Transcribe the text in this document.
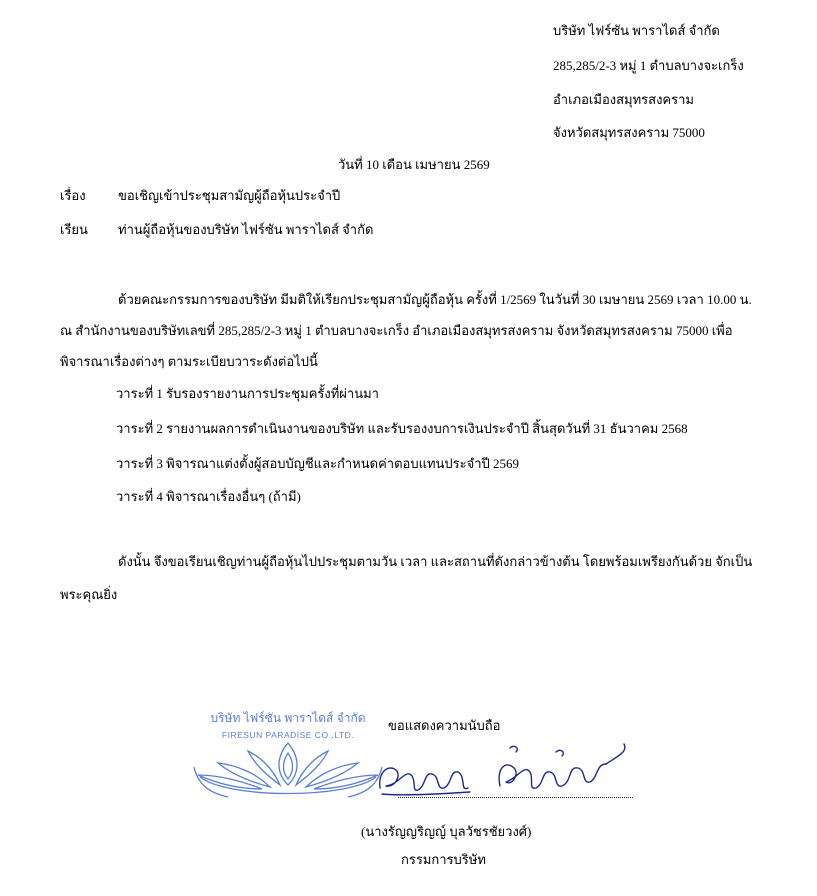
บริษัท ไฟร์ซัน พาราไดส์ จำกัด
285,285/2-3 หมู่ 1 ตำบลบางจะเกร็ง
อำเภอเมืองสมุทรสงคราม
จังหวัดสมุทรสงคราม 75000
วันที่ 10 เดือน เมษายน 2569
เรื่อง ขอเชิญเข้าประชุมสามัญผู้ถือหุ้นประจำปี
เรียน ท่านผู้ถือหุ้นของบริษัท ไฟร์ซัน พาราไดส์ จำกัด
ด้วยคณะกรรมการของบริษัท มีมติให้เรียกประชุมสามัญผู้ถือหุ้น ครั้งที่ 1/2569 ในวันที่ 30 เมษายน 2569 เวลา 10.00 น.
ณ สำนักงานของบริษัทเลขที่ 285,285/2-3 หมู่ 1 ตำบลบางจะเกร็ง อำเภอเมืองสมุทรสงคราม จังหวัดสมุทรสงคราม 75000 เพื่อ
พิจารณาเรื่องต่างๆ ตามระเบียบวาระดังต่อไปนี้
วาระที่ 1 รับรองรายงานการประชุมครั้งที่ผ่านมา
วาระที่ 2 รายงานผลการดำเนินงานของบริษัท และรับรองงบการเงินประจำปี สิ้นสุดวันที่ 31 ธันวาคม 2568
วาระที่ 3 พิจารณาแต่งตั้งผู้สอบบัญชีและกำหนดค่าตอบแทนประจำปี 2569
วาระที่ 4 พิจารณาเรื่องอื่นๆ (ถ้ามี)
ดังนั้น จึงขอเรียนเชิญท่านผู้ถือหุ้นไปประชุมตามวัน เวลา และสถานที่ดังกล่าวข้างต้น โดยพร้อมเพรียงกันด้วย จักเป็น
พระคุณยิ่ง
บริษัท ไฟร์ซัน พาราไดส์ จำกัด
FIRESUN PARADISE CO.,LTD.
ขอแสดงความนับถือ
(นางรัญญริญญ์ บุลวัชรชัยวงศ์)
กรรมการบริษัท
